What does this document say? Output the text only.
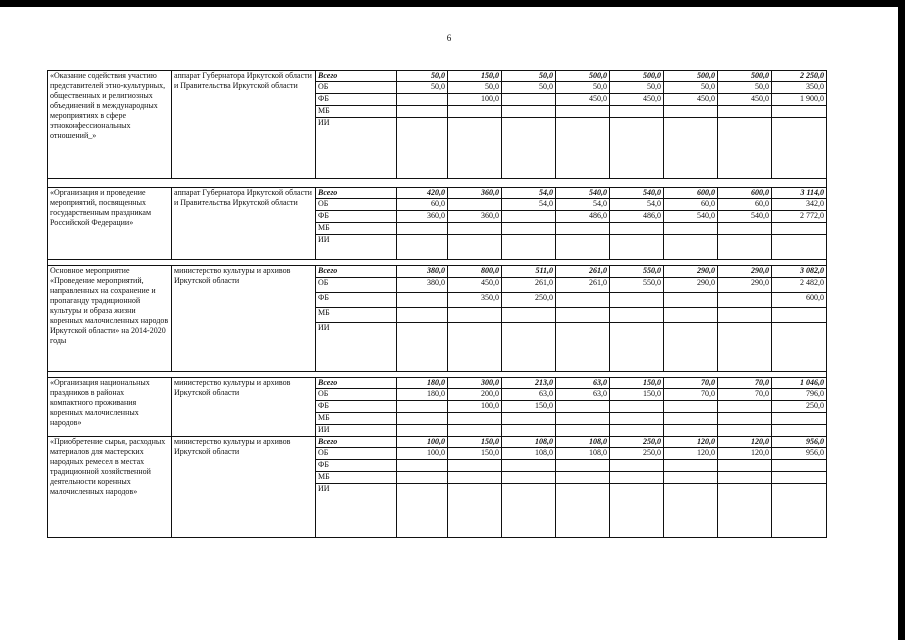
6
«Оказание содействия участию представителей этно-культурных, общественных и религиозных объединений в международных мероприятиях в сфере этноконфессиональных отношений_»	аппарат Губернатора Иркутской области и Правительства Иркутской области	Всего	50,0	150,0	50,0	500,0	500,0	500,0	500,0	2 250,0
		ОБ	50,0	50,0	50,0	50,0	50,0	50,0	50,0	350,0
		ФБ		100,0		450,0	450,0	450,0	450,0	1 900,0
		МБ								
		ИИ								

«Организация и проведение мероприятий, посвященных государственным праздникам Российской Федерации»	аппарат Губернатора Иркутской области и Правительства Иркутской области	Всего	420,0	360,0	54,0	540,0	540,0	600,0	600,0	3 114,0
		ОБ	60,0		54,0	54,0	54,0	60,0	60,0	342,0
		ФБ	360,0	360,0		486,0	486,0	540,0	540,0	2 772,0
		МБ								
		ИИ								

Основное мероприятие «Проведение мероприятий, направленных на сохранение и пропаганду традиционной культуры и образа жизни коренных малочисленных народов Иркутской области» на 2014-2020 годы	министерство культуры и архивов Иркутской области	Всего	380,0	800,0	511,0	261,0	550,0	290,0	290,0	3 082,0
		ОБ	380,0	450,0	261,0	261,0	550,0	290,0	290,0	2 482,0
		ФБ		350,0	250,0					600,0
		МБ								
		ИИ								

«Организация национальных праздников в районах компактного проживания коренных малочисленных народов»	министерство культуры и архивов Иркутской области	Всего	180,0	300,0	213,0	63,0	150,0	70,0	70,0	1 046,0
		ОБ	180,0	200,0	63,0	63,0	150,0	70,0	70,0	796,0
		ФБ		100,0	150,0					250,0
		МБ								
		ИИ								
«Приобретение сырья, расходных материалов для мастерских народных ремесел в местах традиционной хозяйственной деятельности коренных малочисленных народов»	министерство культуры и архивов Иркутской области	Всего	100,0	150,0	108,0	108,0	250,0	120,0	120,0	956,0
		ОБ	100,0	150,0	108,0	108,0	250,0	120,0	120,0	956,0
		ФБ								
		МБ								
		ИИ								
